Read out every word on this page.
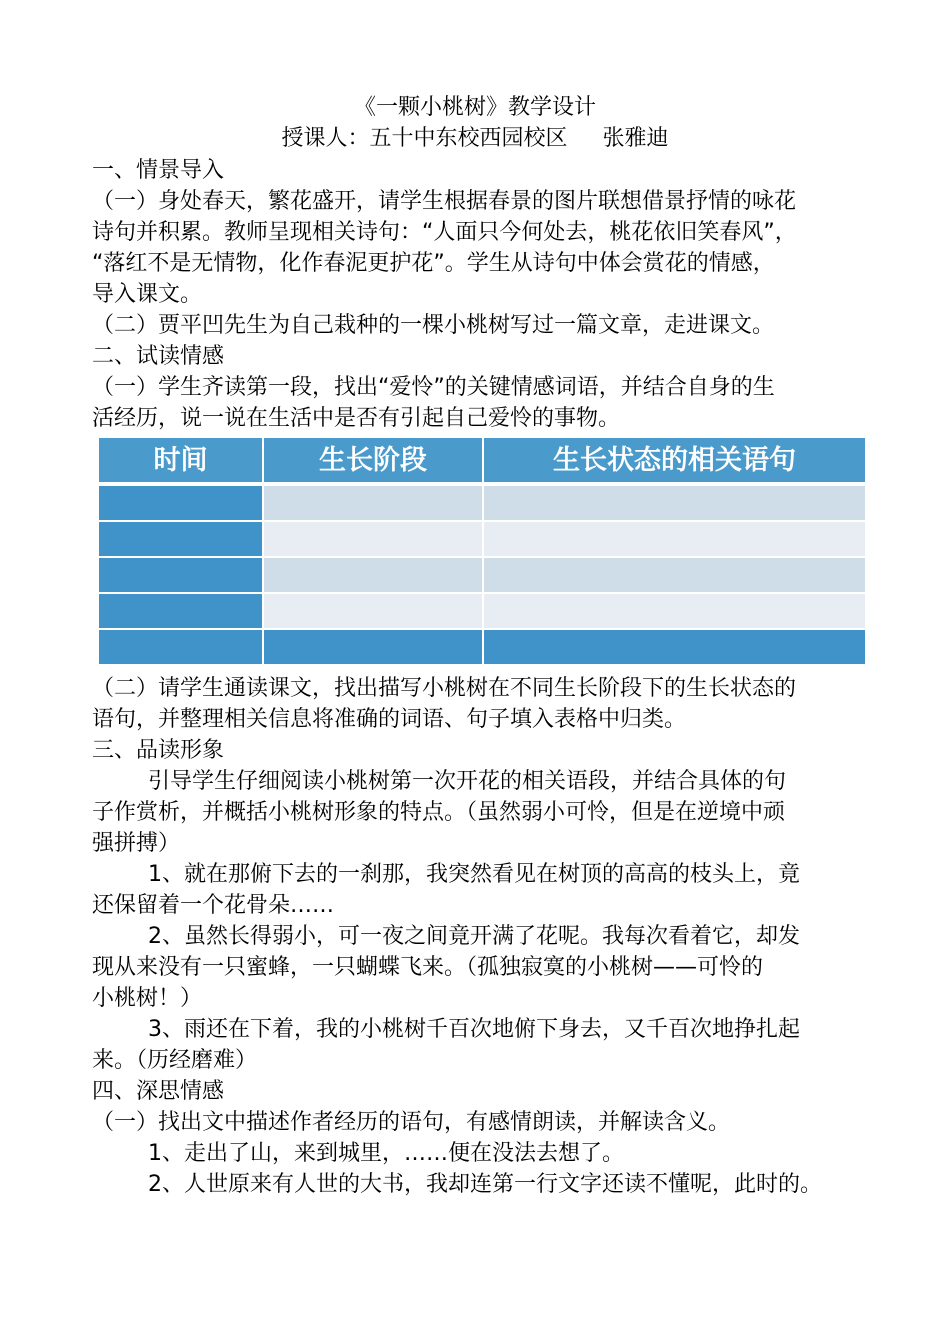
《一颗小桃树》教学设计
授课人：五十中东校西园校区     张雅迪
一、情景导入
（一）身处春天，繁花盛开，请学生根据春景的图片联想借景抒情的咏花
诗句并积累。教师呈现相关诗句：“人面只今何处去，桃花依旧笑春风”，
“落红不是无情物，化作春泥更护花”。学生从诗句中体会赏花的情感，
导入课文。
（二）贾平凹先生为自己栽种的一棵小桃树写过一篇文章，走进课文。
二、试读情感
（一）学生齐读第一段，找出“爱怜”的关键情感词语，并结合自身的生
活经历，说一说在生活中是否有引起自己爱怜的事物。
时间	生长阶段	生长状态的相关语句

（二）请学生通读课文，找出描写小桃树在不同生长阶段下的生长状态的
语句，并整理相关信息将准确的词语、句子填入表格中归类。
三、品读形象
引导学生仔细阅读小桃树第一次开花的相关语段，并结合具体的句
子作赏析，并概括小桃树形象的特点。（虽然弱小可怜，但是在逆境中顽
强拼搏）
1、就在那俯下去的一刹那，我突然看见在树顶的高高的枝头上，竟
还保留着一个花骨朵……
2、虽然长得弱小，可一夜之间竟开满了花呢。我每次看着它，却发
现从来没有一只蜜蜂，一只蝴蝶飞来。（孤独寂寞的小桃树——可怜的
小桃树！）
3、雨还在下着，我的小桃树千百次地俯下身去，又千百次地挣扎起
来。（历经磨难）
四、深思情感
（一）找出文中描述作者经历的语句，有感情朗读，并解读含义。
1、走出了山，来到城里，……便在没法去想了。
2、人世原来有人世的大书，我却连第一行文字还读不懂呢，此时的。
